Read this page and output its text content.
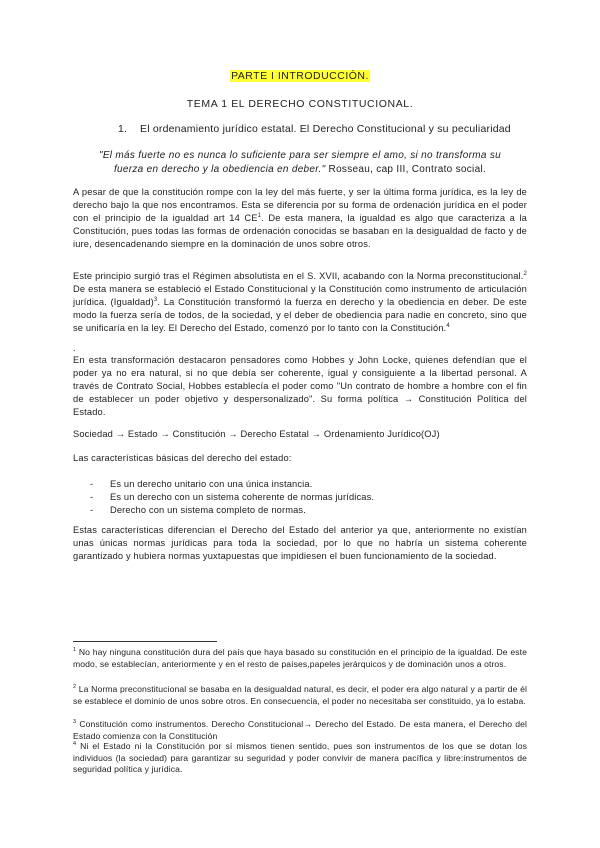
PARTE I INTRODUCCIÓN.
TEMA 1 EL DERECHO CONSTITUCIONAL.
1. El ordenamiento jurídico estatal. El Derecho Constitucional y su peculiaridad
"El más fuerte no es nunca lo suficiente para ser siempre el amo, si no transforma su fuerza en derecho y la obediencia en deber." Rosseau, cap III, Contrato social.
A pesar de que la constitución rompe con la ley del más fuerte, y ser la última forma jurídica, es la ley de derecho bajo la que nos encontramos. Esta se diferencia por su forma de ordenación jurídica en el poder con el principio de la igualdad art 14 $CE^1$. De esta manera, la igualdad es algo que caracteriza a la Constitución, pues todas las formas de ordenación conocidas se basaban en la desigualdad de facto y de iure, desencadenando siempre en la dominación de unos sobre otros.
Este principio surgió tras el Régimen absolutista en el S. XVII, acabando con la Norma preconstitucional.$^2$ De esta manera se estableció el Estado Constitucional y la Constitución como instrumento de articulación jurídica. (Igualdad)$^3$. La Constitución transformó la fuerza en derecho y la obediencia en deber. De este modo la fuerza sería de todos, de la sociedad, y el deber de obediencia para nadie en concreto, sino que se unificaría en la ley. El Derecho del Estado, comenzó por lo tanto con la Constitución.$^4$
.
En esta transformación destacaron pensadores como Hobbes y John Locke, quienes defendían que el poder ya no era natural, si no que debía ser coherente, igual y consiguiente a la libertad personal. A través de Contrato Social, Hobbes establecía el poder como "Un contrato de hombre a hombre con el fin de establecer un poder objetivo y despersonalizado". Su forma política → Constitución Política del Estado.
Sociedad → Estado → Constitución → Derecho Estatal → Ordenamiento Jurídico(OJ)
Las características básicas del derecho del estado:
- Es un derecho unitario con una única instancia.
- Es un derecho con un sistema coherente de normas jurídicas.
- Derecho con un sistema completo de normas.
Estas características diferencian el Derecho del Estado del anterior ya que, anteriormente no existían unas únicas normas jurídicas para toda la sociedad, por lo que no habría un sistema coherente garantizado y hubiera normas yuxtapuestas que impidiesen el buen funcionamiento de la sociedad.
$^1$ No hay ninguna constitución dura del país que haya basado su constitución en el principio de la igualdad. De este modo, se establecían, anteriormente y en el resto de países,papeles jerárquicos y de dominación unos a otros.
$^2$ La Norma preconstitucional se basaba en la desigualdad natural, es decir, el poder era algo natural y a partir de él se establece el dominio de unos sobre otros. En consecuencia, el poder no necesitaba ser constituido, ya lo estaba.
$^3$ Constitución como instrumentos. Derecho Constitucional→ Derecho del Estado. De esta manera, el Derecho del Estado comienza con la Constitución
$^4$ Ni el Estado ni la Constitución por sí mismos tienen sentido, pues son instrumentos de los que se dotan los individuos (la sociedad) para garantizar su seguridad y poder convivir de manera pacífica y libre:instrumentos de seguridad política y jurídica.
